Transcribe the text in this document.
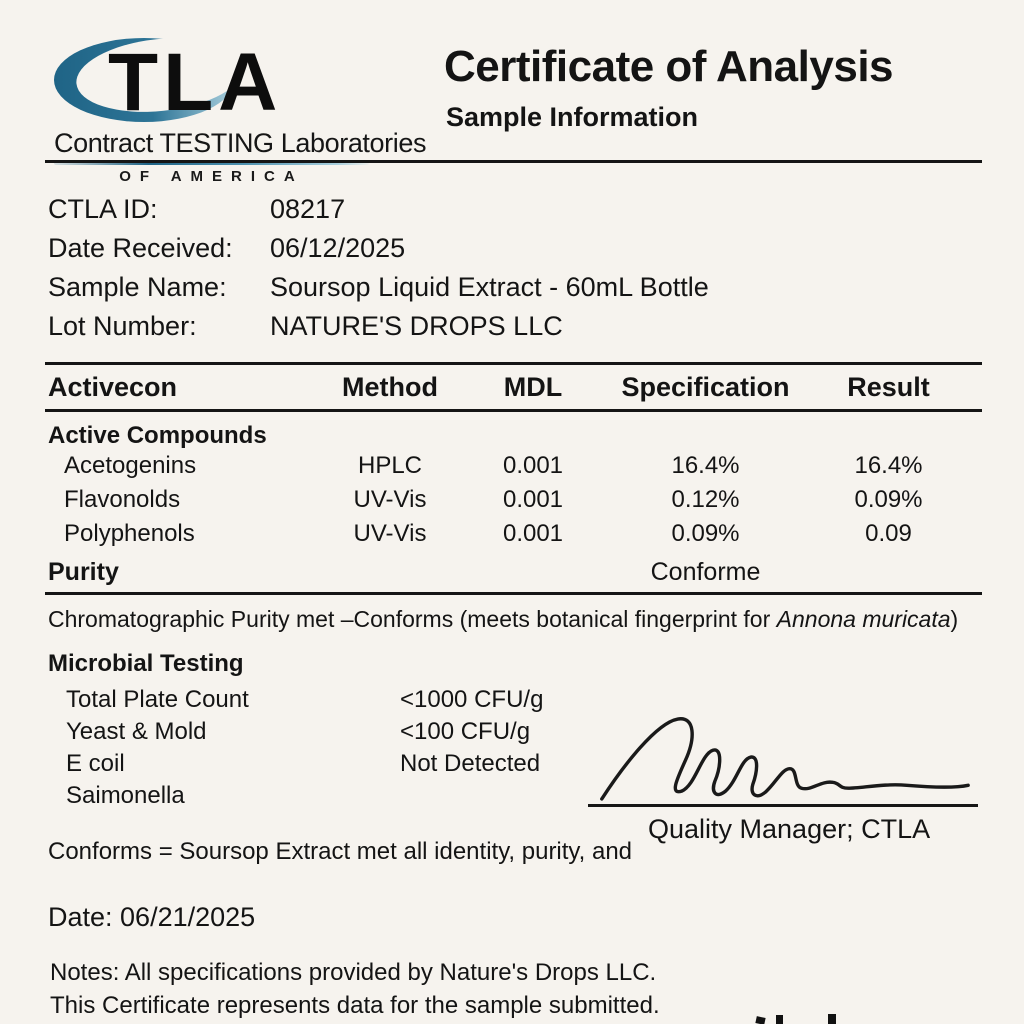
TLA
Contract TESTING Laboratories
OF AMERICA
Certificate of Analysis
Sample Information
CTLA ID:	08217
Date Received:	06/12/2025
Sample Name:	Soursop Liquid Extract - 60mL Bottle
Lot Number:	NATURE'S DROPS LLC
Activecon	Method	MDL	Specification	Result
Active Compounds
Acetogenins	HPLC	0.001	16.4%	16.4%
Flavonolds	UV-Vis	0.001	0.12%	0.09%
Polyphenols	UV-Vis	0.001	0.09%	0.09
Purity	Conforme
Chromatographic Purity met –Conforms (meets botanical fingerprint for Annona muricata)
Microbial Testing
Total Plate Count	<1000 CFU/g
Yeast & Mold	<100 CFU/g
E coil	Not Detected
Saimonella
Quality Manager; CTLA
Conforms = Soursop Extract met all identity, purity, and
Date: 06/21/2025
Notes: All specifications provided by Nature's Drops LLC.
This Certificate represents data for the sample submitted.
